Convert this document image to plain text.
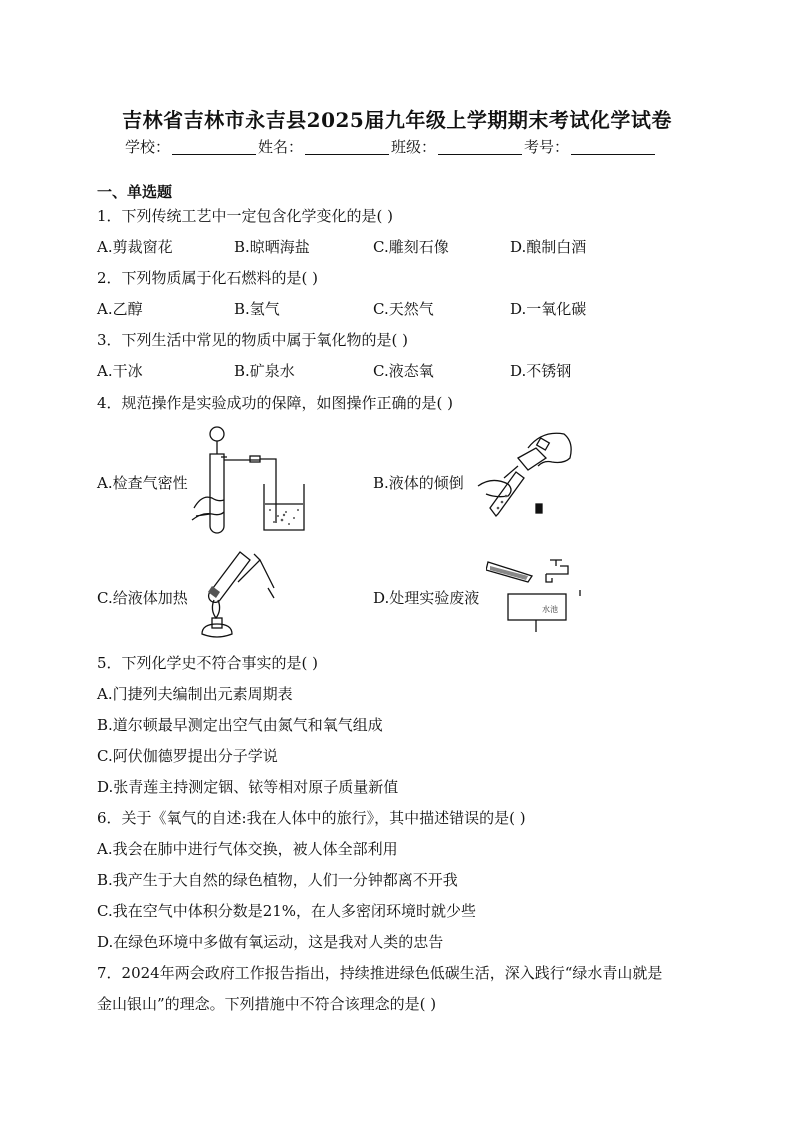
吉林省吉林市永吉县2025届九年级上学期期末考试化学试卷
学校：	姓名：	班级：	考号：
一、单选题
1．下列传统工艺中一定包含化学变化的是( )
A.剪裁窗花	B.晾晒海盐	C.雕刻石像	D.酿制白酒
2．下列物质属于化石燃料的是( )
A.乙醇	B.氢气	C.天然气	D.一氧化碳
3．下列生活中常见的物质中属于氧化物的是( )
A.干冰	B.矿泉水	C.液态氧	D.不锈钢
4．规范操作是实验成功的保障，如图操作正确的是( )
A.检查气密性	B.液体的倾倒
C.给液体加热	D.处理实验废液
水池
5．下列化学史不符合事实的是( )
A.门捷列夫编制出元素周期表
B.道尔顿最早测定出空气由氮气和氧气组成
C.阿伏伽德罗提出分子学说
D.张青莲主持测定铟、铱等相对原子质量新值
6．关于《氧气的自述:我在人体中的旅行》，其中描述错误的是( )
A.我会在肺中进行气体交换，被人体全部利用
B.我产生于大自然的绿色植物，人们一分钟都离不开我
C.我在空气中体积分数是21%，在人多密闭环境时就少些
D.在绿色环境中多做有氧运动，这是我对人类的忠告
7．2024年两会政府工作报告指出，持续推进绿色低碳生活，深入践行“绿水青山就是
金山银山”的理念。下列措施中不符合该理念的是( )
